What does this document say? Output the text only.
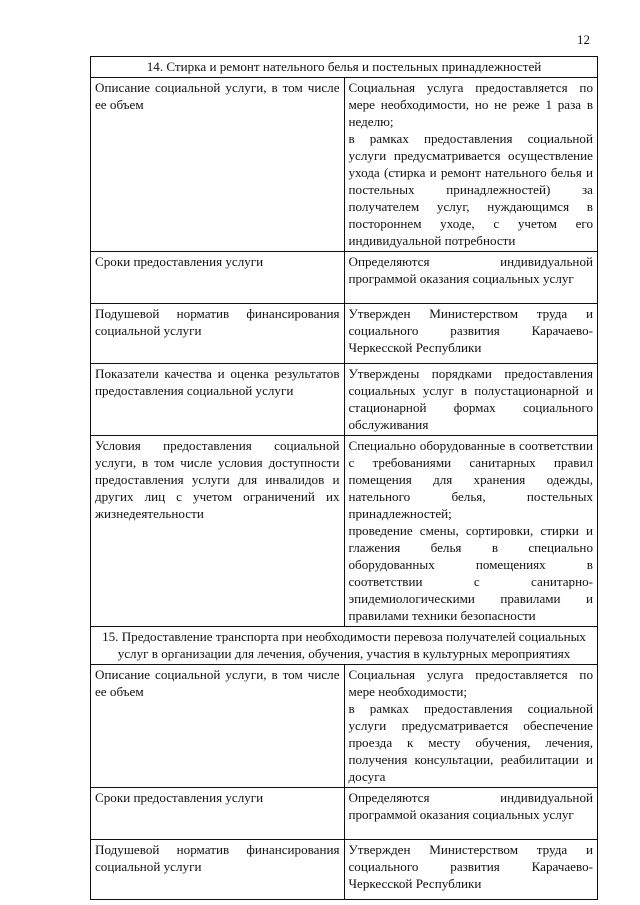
12
14. Стирка и ремонт нательного белья и постельных принадлежностей	
Описание социальной услуги, в том числе ее объем	Социальная услуга предоставляется по мере необходимости, но не реже 1 раза в неделю;
в рамках предоставления социальной услуги предусматривается осуществление ухода (стирка и ремонт нательного белья и постельных принадлежностей) за получателем услуг, нуждающимся в постороннем уходе, с учетом его индивидуальной потребности
Сроки предоставления услуги	Определяются индивидуальной программой оказания социальных услуг
Подушевой норматив финансирования социальной услуги	Утвержден Министерством труда и социального развития Карачаево-Черкесской Республики
Показатели качества и оценка результатов предоставления социальной услуги	Утверждены порядками предоставления социальных услуг в полустационарной и стационарной формах социального обслуживания
Условия предоставления социальной услуги, в том числе условия доступности предоставления услуги для инвалидов и других лиц с учетом ограничений их жизнедеятельности	Специально оборудованные в соответствии с требованиями санитарных правил помещения для хранения одежды, нательного белья, постельных принадлежностей;
проведение смены, сортировки, стирки и глажения белья в специально оборудованных помещениях в соответствии с санитарно-эпидемиологическими правилами и правилами техники безопасности
15. Предоставление транспорта при необходимости перевоза получателей социальных услуг в организации для лечения, обучения, участия в культурных мероприятиях	
Описание социальной услуги, в том числе ее объем	Социальная услуга предоставляется по мере необходимости;
в рамках предоставления социальной услуги предусматривается обеспечение проезда к месту обучения, лечения, получения консультации, реабилитации и досуга
Сроки предоставления услуги	Определяются индивидуальной программой оказания социальных услуг
Подушевой норматив финансирования социальной услуги	Утвержден Министерством труда и социального развития Карачаево-Черкесской Республики
